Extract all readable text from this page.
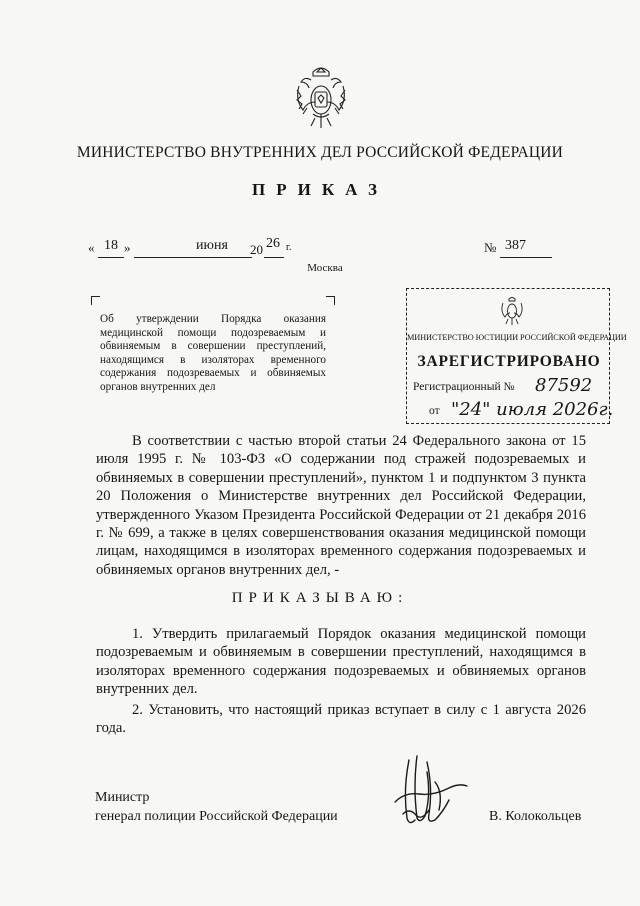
МИНИСТЕРСТВО ВНУТРЕННИХ ДЕЛ РОССИЙСКОЙ ФЕДЕРАЦИИ
ПРИКАЗ
« 18 »	июня 20 26 г.	№ 387
Москва
Об утверждении Порядка оказания медицинской помощи подозреваемым и обвиняемым в совершении преступлений, находящимся в изоляторах временного содержания подозреваемых и обвиняемых органов внутренних дел
МИНИСТЕРСТВО ЮСТИЦИИ РОССИЙСКОЙ ФЕДЕРАЦИИ
ЗАРЕГИСТРИРОВАНО
Регистрационный № 87592
от "24" июля 2026г.

В соответствии с частью второй статьи 24 Федерального закона от 15 июля 1995 г. № 103-ФЗ «О содержании под стражей подозреваемых и обвиняемых в совершении преступлений», пунктом 1 и подпунктом 3 пункта 20 Положения о Министерстве внутренних дел Российской Федерации, утвержденного Указом Президента Российской Федерации от 21 декабря 2016 г. № 699, а также в целях совершенствования оказания медицинской помощи лицам, находящимся в изоляторах временного содержания подозреваемых и обвиняемых органов внутренних дел, -

ПРИКАЗЫВАЮ:

1. Утвердить прилагаемый Порядок оказания медицинской помощи подозреваемым и обвиняемым в совершении преступлений, находящимся в изоляторах временного содержания подозреваемых и обвиняемых органов внутренних дел.

2. Установить, что настоящий приказ вступает в силу с 1 августа 2026 года.

Министр
генерал полиции Российской Федерации	В. Колокольцев
